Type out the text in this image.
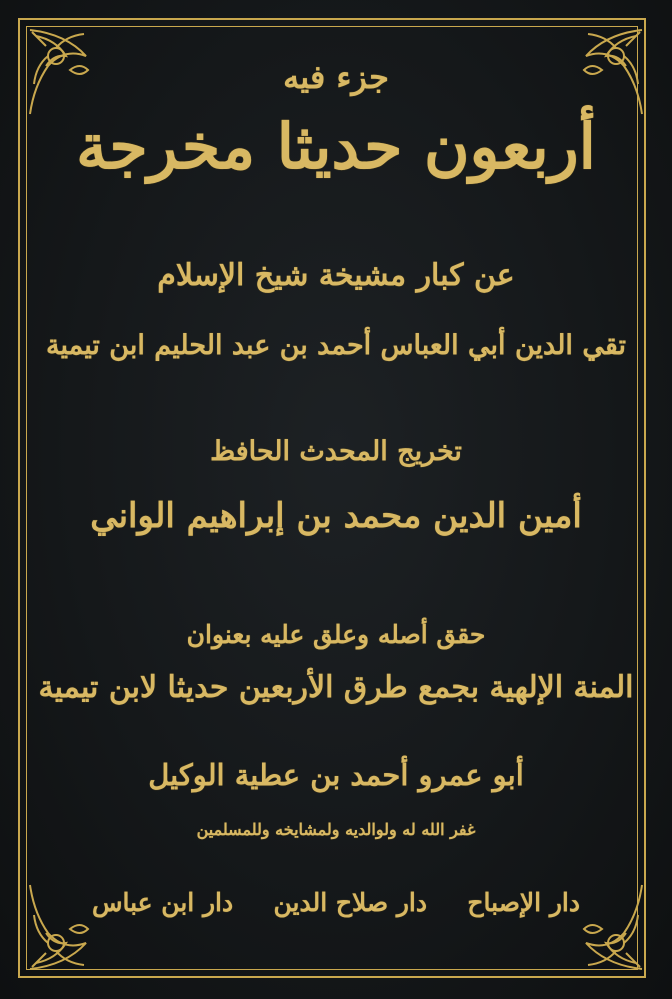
جزء فيه
أربعون حديثا مخرجة
عن كبار مشيخة شيخ الإسلام
تقي الدين أبي العباس أحمد بن عبد الحليم ابن تيمية
تخريج المحدث الحافظ
أمين الدين محمد بن إبراهيم الواني
حقق أصله وعلق عليه بعنوان
المنة الإلهية بجمع طرق الأربعين حديثا لابن تيمية
أبو عمرو أحمد بن عطية الوكيل
غفر الله له ولوالديه ولمشايخه وللمسلمين
دار الإصباح
دار صلاح الدين
دار ابن عباس
